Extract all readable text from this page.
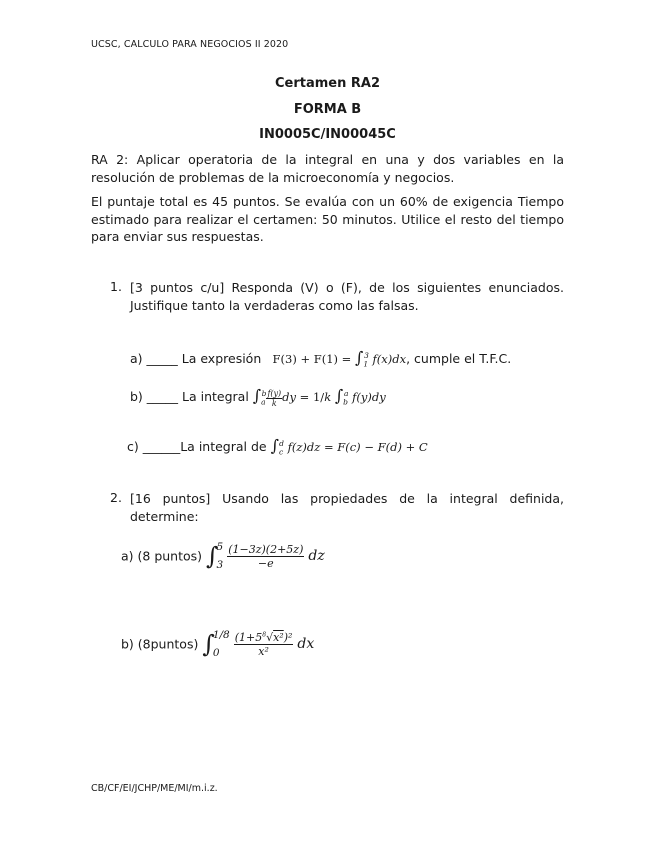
UCSC, CALCULO PARA NEGOCIOS II 2020
Certamen RA2
FORMA B
IN0005C/IN00045C
RA 2: Aplicar operatoria de la integral en una y dos variables en la resolución de problemas de la microeconomía y negocios.
El puntaje total es 45 puntos. Se evalúa con un 60% de exigencia Tiempo estimado para realizar el certamen: 50 minutos. Utilice el resto del tiempo para enviar sus respuestas.
1. [3 puntos c/u] Responda (V) o (F), de los siguientes enunciados. Justifique tanto la verdaderas como las falsas.
a) _____ La expresión $F(3) + F(1) = \int_1^3$ f(x)dx, cumple el T.F.C.
b) _____ La integral $\int_a^b \frac{f(y)}{k}$ dy = 1/k $\int_b^a$ f(y)dy
c) ______La integral de $\int_c^d$ f(z)dz = F(c) − F(d) + C
2. [16 puntos] Usando las propiedades de la integral definida, determine:
a) (8 puntos) ∫
5
3
$\frac{(1-3z)(2+5z)}{-e}$ dz
b) (8puntos) ∫
1/8
0
	$\frac{(1+5^8√x^2)^2}{\text{x²}}$ dx
CB/CF/EI/JCHP/ME/MI/m.i.z.
